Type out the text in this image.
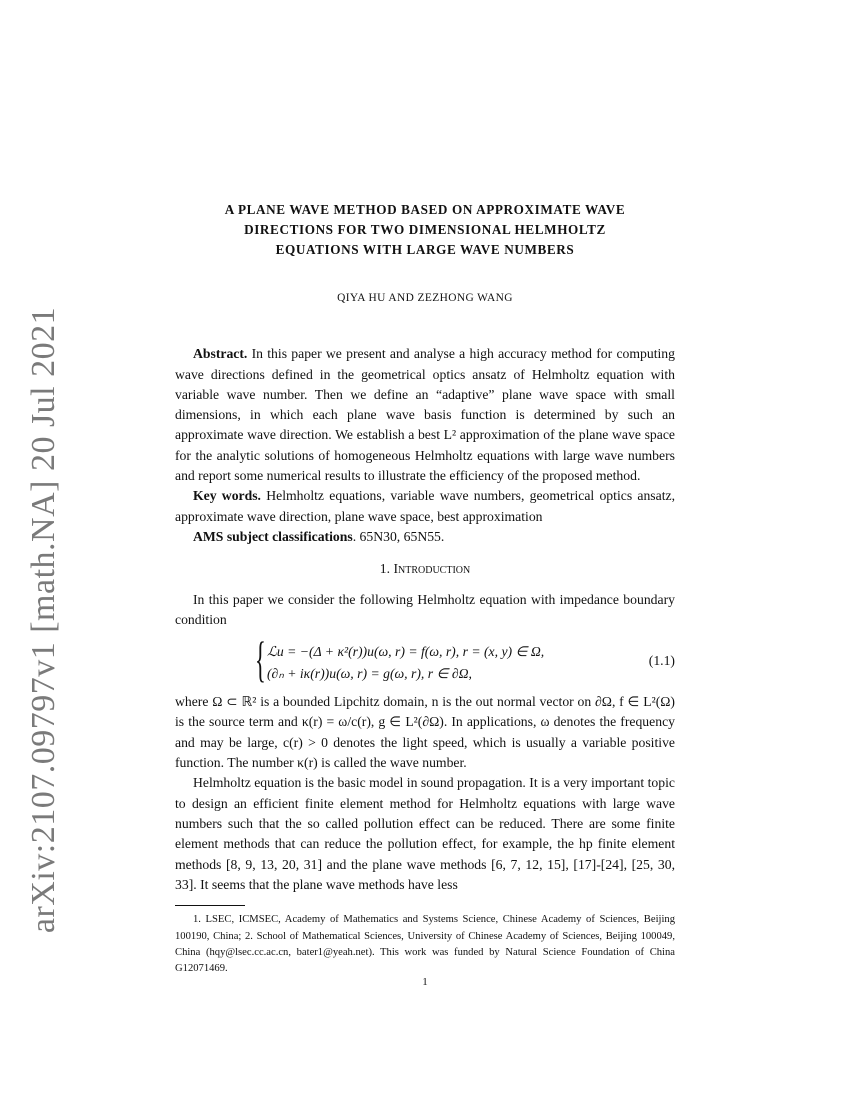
arXiv:2107.09797v1 [math.NA] 20 Jul 2021

A PLANE WAVE METHOD BASED ON APPROXIMATE WAVE

DIRECTIONS FOR TWO DIMENSIONAL HELMHOLTZ

EQUATIONS WITH LARGE WAVE NUMBERS

QIYA HU AND ZEZHONG WANG

Abstract. In this paper we present and analyse a high accuracy method for computing wave directions defined in the geometrical optics ansatz of Helmholtz equation with variable wave number. Then we define an “adaptive” plane wave space with small dimensions, in which each plane wave basis function is determined by such an approximate wave direction. We establish a best L² approximation of the plane wave space for the analytic solutions of homogeneous Helmholtz equations with large wave numbers and report some numerical results to illustrate the efficiency of the proposed method.

Key words. Helmholtz equations, variable wave numbers, geometrical optics ansatz, approximate wave direction, plane wave space, best approximation

AMS subject classifications. 65N30, 65N55.

1. Introduction

In this paper we consider the following Helmholtz equation with impedance boundary condition

{ ℒu = −(Δ + κ²(r))u(ω, r) = f(ω, r), r = (x, y) ∈ Ω,
(∂ₙ + iκ(r))u(ω, r) = g(ω, r), r ∈ ∂Ω,
(1.1)

where Ω ⊂ ℝ² is a bounded Lipchitz domain, n is the out normal vector on ∂Ω, f ∈ L²(Ω) is the source term and κ(r) = ω/c(r), g ∈ L²(∂Ω). In applications, ω denotes the frequency and may be large, c(r) > 0 denotes the light speed, which is usually a variable positive function. The number κ(r) is called the wave number.

Helmholtz equation is the basic model in sound propagation. It is a very important topic to design an efficient finite element method for Helmholtz equations with large wave numbers such that the so called pollution effect can be reduced. There are some finite element methods that can reduce the pollution effect, for example, the hp finite element methods [8, 9, 13, 20, 31] and the plane wave methods [6, 7, 12, 15], [17]-[24], [25, 30, 33]. It seems that the plane wave methods have less

1. LSEC, ICMSEC, Academy of Mathematics and Systems Science, Chinese Academy of Sciences, Beijing 100190, China; 2. School of Mathematical Sciences, University of Chinese Academy of Sciences, Beijing 100049, China (hqy@lsec.cc.ac.cn, bater1@yeah.net). This work was funded by Natural Science Foundation of China G12071469.

1
